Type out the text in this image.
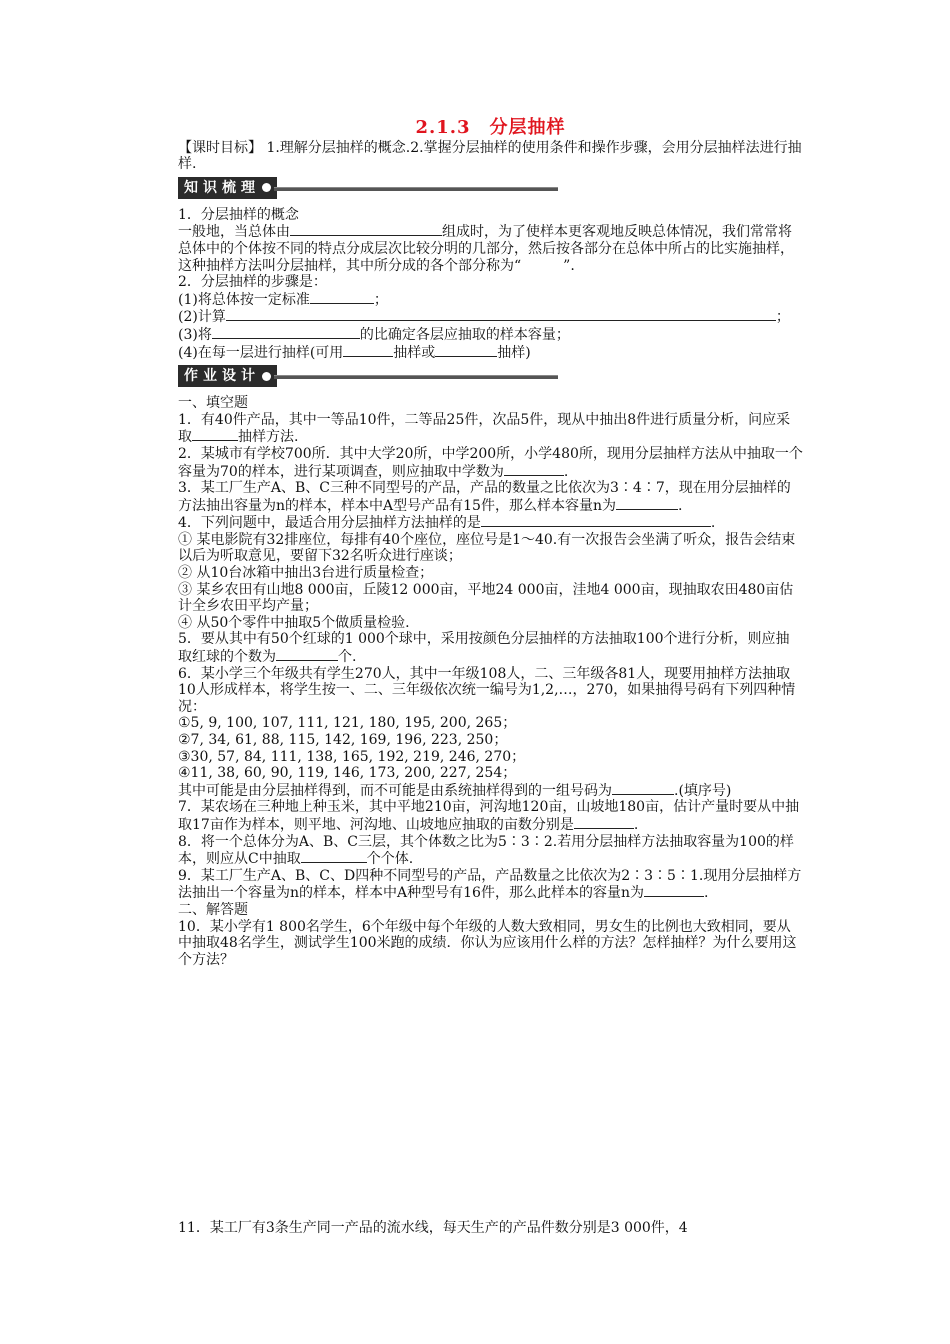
2.1.3　分层抽样

【课时目标】 1.理解分层抽样的概念.2.掌握分层抽样的使用条件和操作步骤，会用分层抽样法进行抽样.

知识梳理

1．分层抽样的概念

一般地，当总体由	组成时，为了使样本更客观地反映总体情况，我们常常将总体中的个体按不同的特点分成层次比较分明的几部分，然后按各部分在总体中所占的比实施抽样，这种抽样方法叫分层抽样，其中所分成的各个部分称为“　　　	”.

2．分层抽样的步骤是：

(1)将总体按一定标准	；

(2)计算	；

(3)将	的比确定各层应抽取的样本容量；

(4)在每一层进行抽样(可用	抽样或	抽样)

作业设计

一、填空题

1．有40件产品，其中一等品10件，二等品25件，次品5件，现从中抽出8件进行质量分析，问应采取	抽样方法.

2．某城市有学校700所．其中大学20所，中学200所，小学480所，现用分层抽样方法从中抽取一个容量为70的样本，进行某项调查，则应抽取中学数为	.

3．某工厂生产A、B、C三种不同型号的产品，产品的数量之比依次为3∶4∶7，现在用分层抽样的方法抽出容量为n的样本，样本中A型号产品有15件，那么样本容量n为	.

4．下列问题中，最适合用分层抽样方法抽样的是	.

① 某电影院有32排座位，每排有40个座位，座位号是1～40.有一次报告会坐满了听众，报告会结束以后为听取意见，要留下32名听众进行座谈；

② 从10台冰箱中抽出3台进行质量检查；

③ 某乡农田有山地8 000亩，丘陵12 000亩，平地24 000亩，洼地4 000亩，现抽取农田480亩估计全乡农田平均产量；

④ 从50个零件中抽取5个做质量检验.

5．要从其中有50个红球的1 000个球中，采用按颜色分层抽样的方法抽取100个进行分析，则应抽取红球的个数为	个.

6．某小学三个年级共有学生270人，其中一年级108人，二、三年级各81人，现要用抽样方法抽取10人形成样本，将学生按一、二、三年级依次统一编号为1,2,…，270，如果抽得号码有下列四种情况：

①5, 9, 100, 107, 111, 121, 180, 195, 200, 265；

②7, 34, 61, 88, 115, 142, 169, 196, 223, 250；

③30, 57, 84, 111, 138, 165, 192, 219, 246, 270；

④11, 38, 60, 90, 119, 146, 173, 200, 227, 254；

其中可能是由分层抽样得到，而不可能是由系统抽样得到的一组号码为	.(填序号)

7．某农场在三种地上种玉米，其中平地210亩，河沟地120亩，山坡地180亩，估计产量时要从中抽取17亩作为样本，则平地、河沟地、山坡地应抽取的亩数分别是	.

8．将一个总体分为A、B、C三层，其个体数之比为5∶3∶2.若用分层抽样方法抽取容量为100的样本，则应从C中抽取	个个体.

9．某工厂生产A、B、C、D四种不同型号的产品，产品数量之比依次为2∶3∶5∶1.现用分层抽样方法抽出一个容量为n的样本，样本中A种型号有16件，那么此样本的容量n为	.

二、解答题

10．某小学有1 800名学生，6个年级中每个年级的人数大致相同，男女生的比例也大致相同，要从中抽取48名学生，测试学生100米跑的成绩．你认为应该用什么样的方法？怎样抽样？为什么要用这个方法？

11．某工厂有3条生产同一产品的流水线，每天生产的产品件数分别是3 000件，4
